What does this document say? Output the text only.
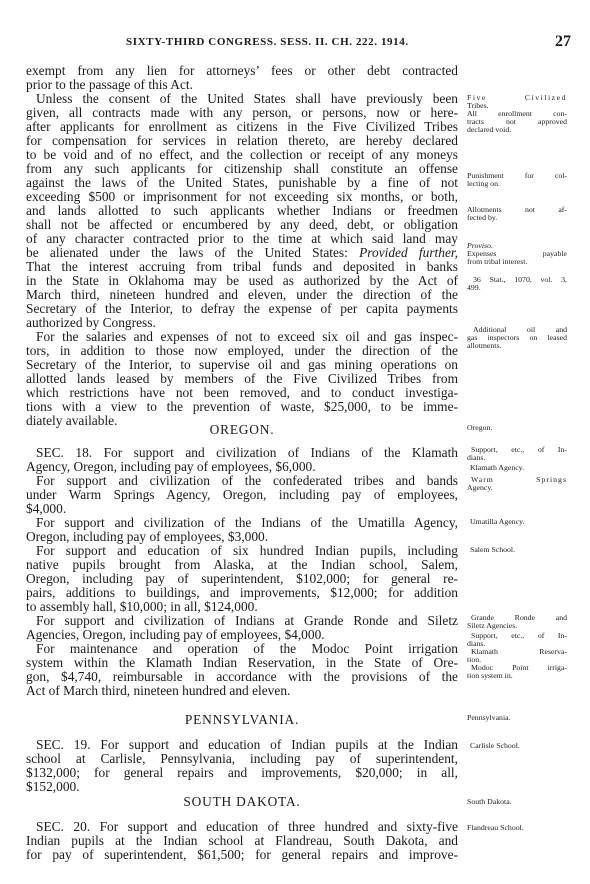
SIXTY-THIRD CONGRESS. SESS. II. CH. 222. 1914.	27
exempt from any lien for attorneys’ fees or other debt contracted
prior to the passage of this Act.
Unless the consent of the United States shall have previously been
given, all contracts made with any person, or persons, now or here-
after applicants for enrollment as citizens in the Five Civilized Tribes
for compensation for services in relation thereto, are hereby declared
to be void and of no effect, and the collection or receipt of any moneys
from any such applicants for citizenship shall constitute an offense
against the laws of the United States, punishable by a fine of not
exceeding $500 or imprisonment for not exceeding six months, or both,
and lands allotted to such applicants whether Indians or freedmen
shall not be affected or encumbered by any deed, debt, or obligation
of any character contracted prior to the time at which said land may
be alienated under the laws of the United States: Provided further,
That the interest accruing from tribal funds and deposited in banks
in the State in Oklahoma may be used as authorized by the Act of
March third, nineteen hundred and eleven, under the direction of the
Secretary of the Interior, to defray the expense of per capita payments
authorized by Congress.
For the salaries and expenses of not to exceed six oil and gas inspec-
tors, in addition to those now employed, under the direction of the
Secretary of the Interior, to supervise oil and gas mining operations on
allotted lands leased by members of the Five Civilized Tribes from
which restrictions have not been removed, and to conduct investiga-
tions with a view to the prevention of waste, $25,000, to be imme-
diately available.
OREGON.
SEC. 18. For support and civilization of Indians of the Klamath
Agency, Oregon, including pay of employees, $6,000.
For support and civilization of the confederated tribes and bands
under Warm Springs Agency, Oregon, including pay of employees,
$4,000.
For support and civilization of the Indians of the Umatilla Agency,
Oregon, including pay of employees, $3,000.
For support and education of six hundred Indian pupils, including
native pupils brought from Alaska, at the Indian school, Salem,
Oregon, including pay of superintendent, $102,000; for general re-
pairs, additions to buildings, and improvements, $12,000; for addition
to assembly hall, $10,000; in all, $124,000.
For support and civilization of Indians at Grande Ronde and Siletz
Agencies, Oregon, including pay of employees, $4,000.
For maintenance and operation of the Modoc Point irrigation
system within the Klamath Indian Reservation, in the State of Ore-
gon, $4,740, reimbursable in accordance with the provisions of the
Act of March third, nineteen hundred and eleven.
PENNSYLVANIA.
SEC. 19. For support and education of Indian pupils at the Indian
school at Carlisle, Pennsylvania, including pay of superintendent,
$132,000; for general repairs and improvements, $20,000; in all,
$152,000.
SOUTH DAKOTA.
SEC. 20. For support and education of three hundred and sixty-five
Indian pupils at the Indian school at Flandreau, South Dakota, and
for pay of superintendent, $61,500; for general repairs and improve-
Five Civilized
Tribes.
All enrollment con-
tracts not approved
declared void.
Punishment for col-
lecting on.
Allotments not af-
fected by.
Proviso.
Expenses payable
from tribal interest.
36 Stat., 1070, vol. 3,
499.
Additional oil and
gas inspectors on leased
allotments.
Oregon.
Support, etc., of In-
dians.
Klamath Agency.
Warm Springs
Agency.
Umatilla Agency.
Salem School.
Grande Ronde and
Siletz Agencies.
Support, etc., of In-
dians.
Klamath Reserva-
tion.
Modoc Point irriga-
tion system in.
Pennsylvania.
Carlisle School.
South Dakota.
Flandreau School.
